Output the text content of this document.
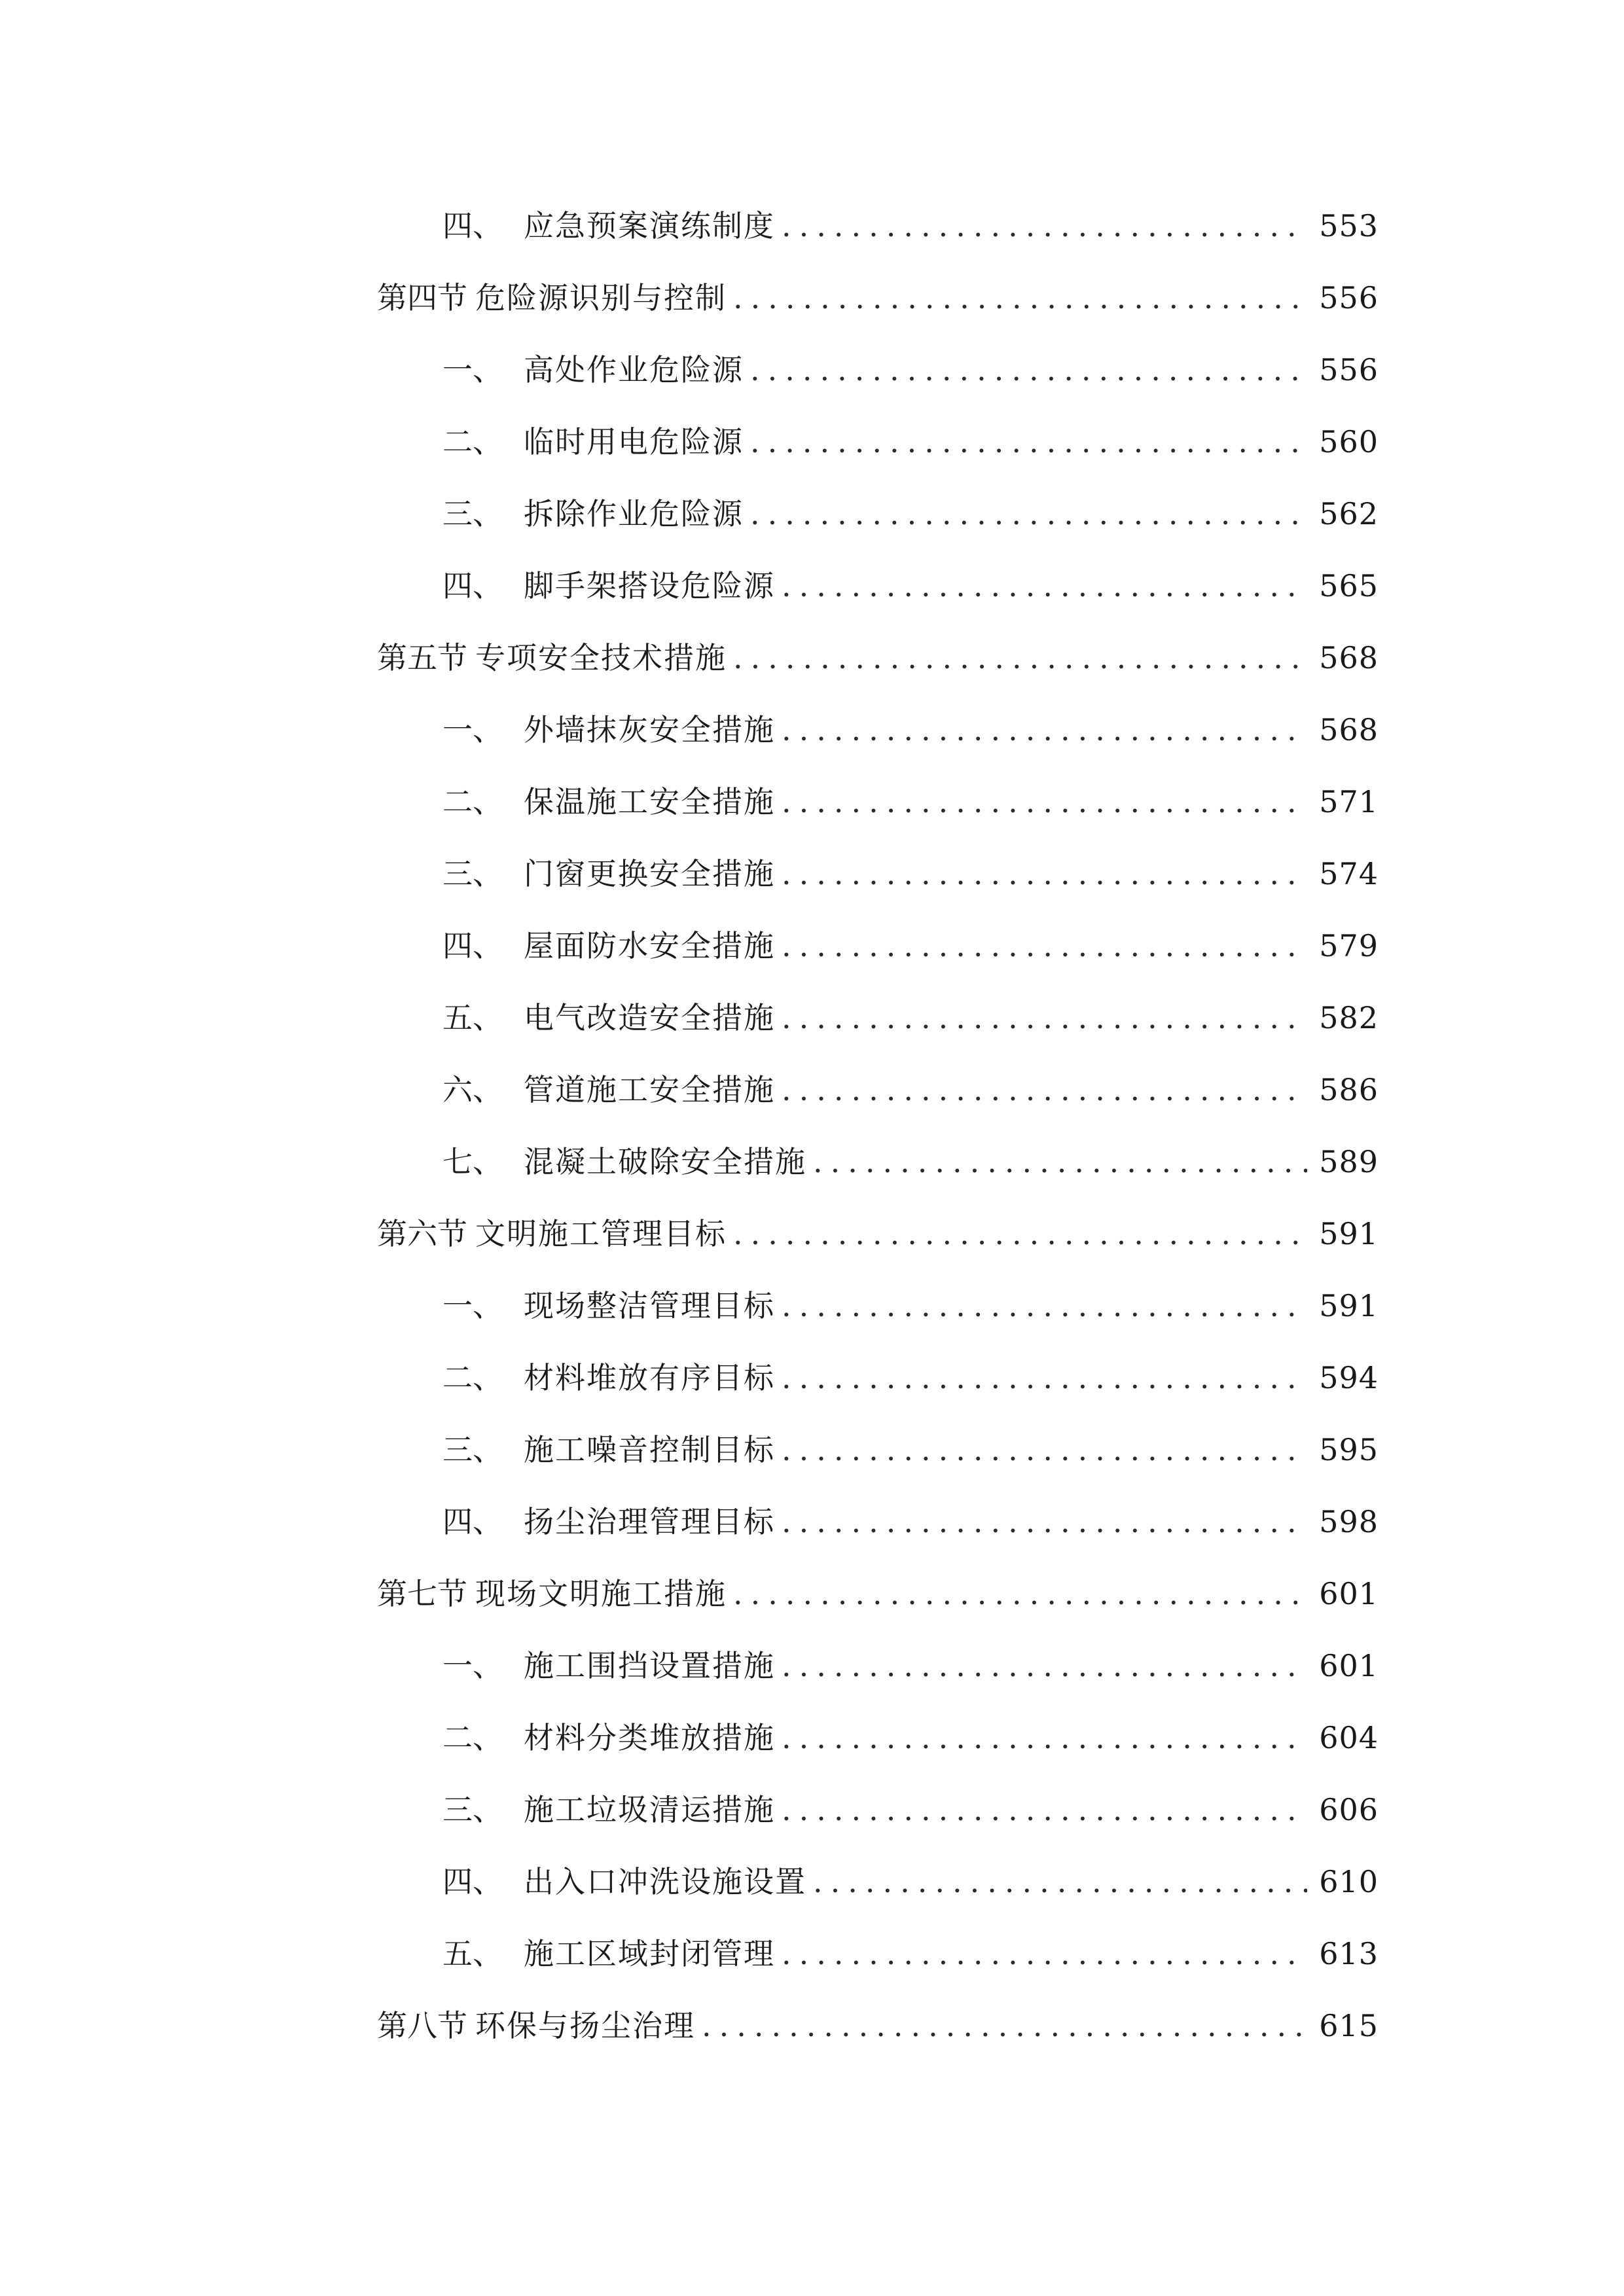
四、 应急预案演练制度 .....	553
第四节 危险源识别与控制 .....	556
一、 高处作业危险源 .....	556
二、 临时用电危险源 .....	560
三、 拆除作业危险源 .....	562
四、 脚手架搭设危险源 .....	565
第五节 专项安全技术措施 .....	568
一、 外墙抹灰安全措施 .....	568
二、 保温施工安全措施 .....	571
三、 门窗更换安全措施 .....	574
四、 屋面防水安全措施 .....	579
五、 电气改造安全措施 .....	582
六、 管道施工安全措施 .....	586
七、 混凝土破除安全措施 .....	589
第六节 文明施工管理目标 .....	591
一、 现场整洁管理目标 .....	591
二、 材料堆放有序目标 .....	594
三、 施工噪音控制目标 .....	595
四、 扬尘治理管理目标 .....	598
第七节 现场文明施工措施 .....	601
一、 施工围挡设置措施 .....	601
二、 材料分类堆放措施 .....	604
三、 施工垃圾清运措施 .....	606
四、 出入口冲洗设施设置 .....	610
五、 施工区域封闭管理 .....	613
第八节 环保与扬尘治理 .....	615
